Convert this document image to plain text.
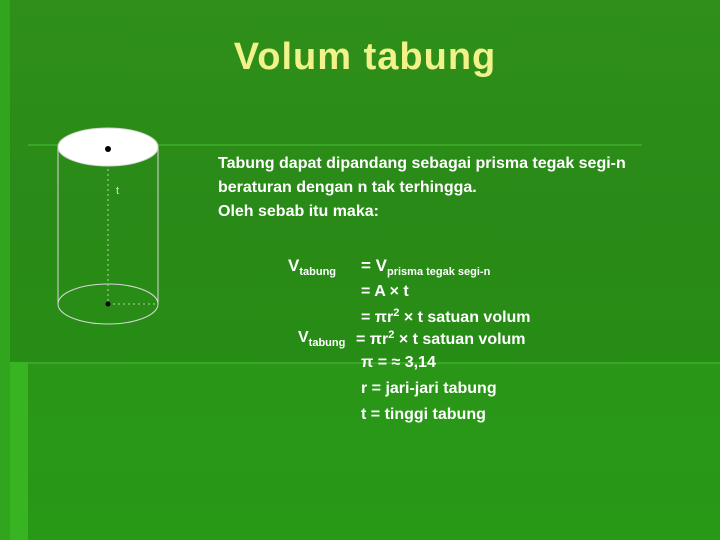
Volum tabung
t
Tabung dapat dipandang sebagai prisma tegak segi-n
beraturan dengan n tak terhingga.
Oleh sebab itu maka:
$V_{tabung} = V_{prisma tegak segi-n}$
= A × t
= $\pi r^2 \times t$ satuan volum
$V_{tabung} = \pi r^2 \times t$ satuan volum
π = ≈ 3,14
r = jari-jari tabung
t = tinggi tabung
